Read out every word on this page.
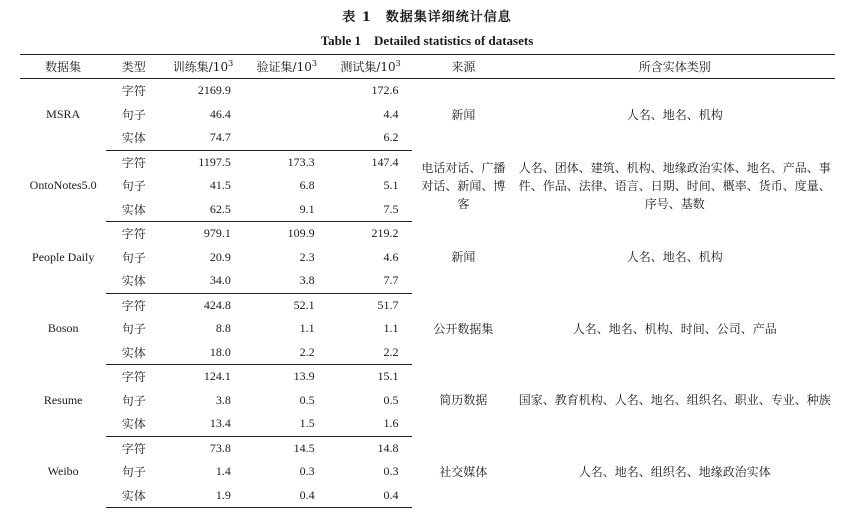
表 1　数据集详细统计信息
Table 1　Detailed statistics of datasets
数据集	类型	训练集$/10^3$	验证集$/10^3$	测试集$/10^3$	来源	所含实体类别
MSRA	字符	2169.9		172.6	新闻	人名、地名、机构
	句子	46.4		4.4		
	实体	74.7		6.2		
OntoNotes5.0	字符	1197.5	173.3	147.4	电话对话、广播对话、新闻、博客	人名、团体、建筑、机构、地缘政治实体、地名、产品、事件、作品、法律、语言、日期、时间、概率、货币、度量、序号、基数
	句子	41.5	6.8	5.1		
	实体	62.5	9.1	7.5		
People Daily	字符	979.1	109.9	219.2	新闻	人名、地名、机构
	句子	20.9	2.3	4.6		
	实体	34.0	3.8	7.7		
Boson	字符	424.8	52.1	51.7	公开数据集	人名、地名、机构、时间、公司、产品
	句子	8.8	1.1	1.1		
	实体	18.0	2.2	2.2		
Resume	字符	124.1	13.9	15.1	简历数据	国家、教育机构、人名、地名、组织名、职业、专业、种族
	句子	3.8	0.5	0.5		
	实体	13.4	1.5	1.6		
Weibo	字符	73.8	14.5	14.8	社交媒体	人名、地名、组织名、地缘政治实体
	句子	1.4	0.3	0.3		
	实体	1.9	0.4	0.4		
